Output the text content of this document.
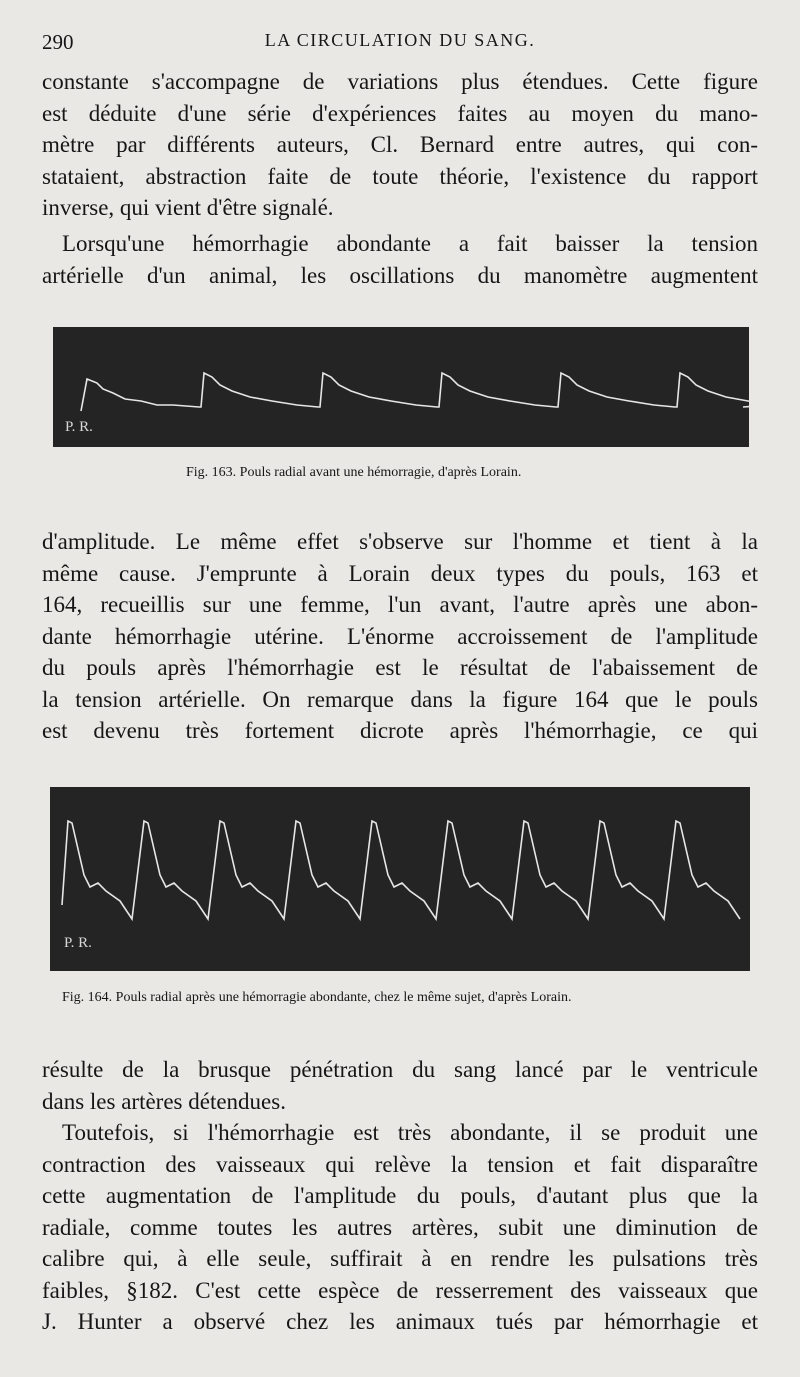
290	LA CIRCULATION DU SANG.
constante s'accompagne de variations plus étendues. Cette figure
est déduite d'une série d'expériences faites au moyen du mano-
mètre par différents auteurs, Cl. Bernard entre autres, qui con-
stataient, abstraction faite de toute théorie, l'existence du rapport
inverse, qui vient d'être signalé.
Lorsqu'une hémorrhagie abondante a fait baisser la tension
artérielle d'un animal, les oscillations du manomètre augmentent
P. R.
Fig. 163. Pouls radial avant une hémorragie, d'après Lorain.
d'amplitude. Le même effet s'observe sur l'homme et tient à la
même cause. J'emprunte à Lorain deux types du pouls, 163 et
164, recueillis sur une femme, l'un avant, l'autre après une abon-
dante hémorrhagie utérine. L'énorme accroissement de l'amplitude
du pouls après l'hémorrhagie est le résultat de l'abaissement de
la tension artérielle. On remarque dans la figure 164 que le pouls
est devenu très fortement dicrote après l'hémorrhagie, ce qui
P. R.
Fig. 164. Pouls radial après une hémorragie abondante, chez le même sujet, d'après Lorain.
résulte de la brusque pénétration du sang lancé par le ventricule
dans les artères détendues.
Toutefois, si l'hémorrhagie est très abondante, il se produit une
contraction des vaisseaux qui relève la tension et fait disparaître
cette augmentation de l'amplitude du pouls, d'autant plus que la
radiale, comme toutes les autres artères, subit une diminution de
calibre qui, à elle seule, suffirait à en rendre les pulsations très
faibles, §182. C'est cette espèce de resserrement des vaisseaux que
J. Hunter a observé chez les animaux tués par hémorrhagie et
